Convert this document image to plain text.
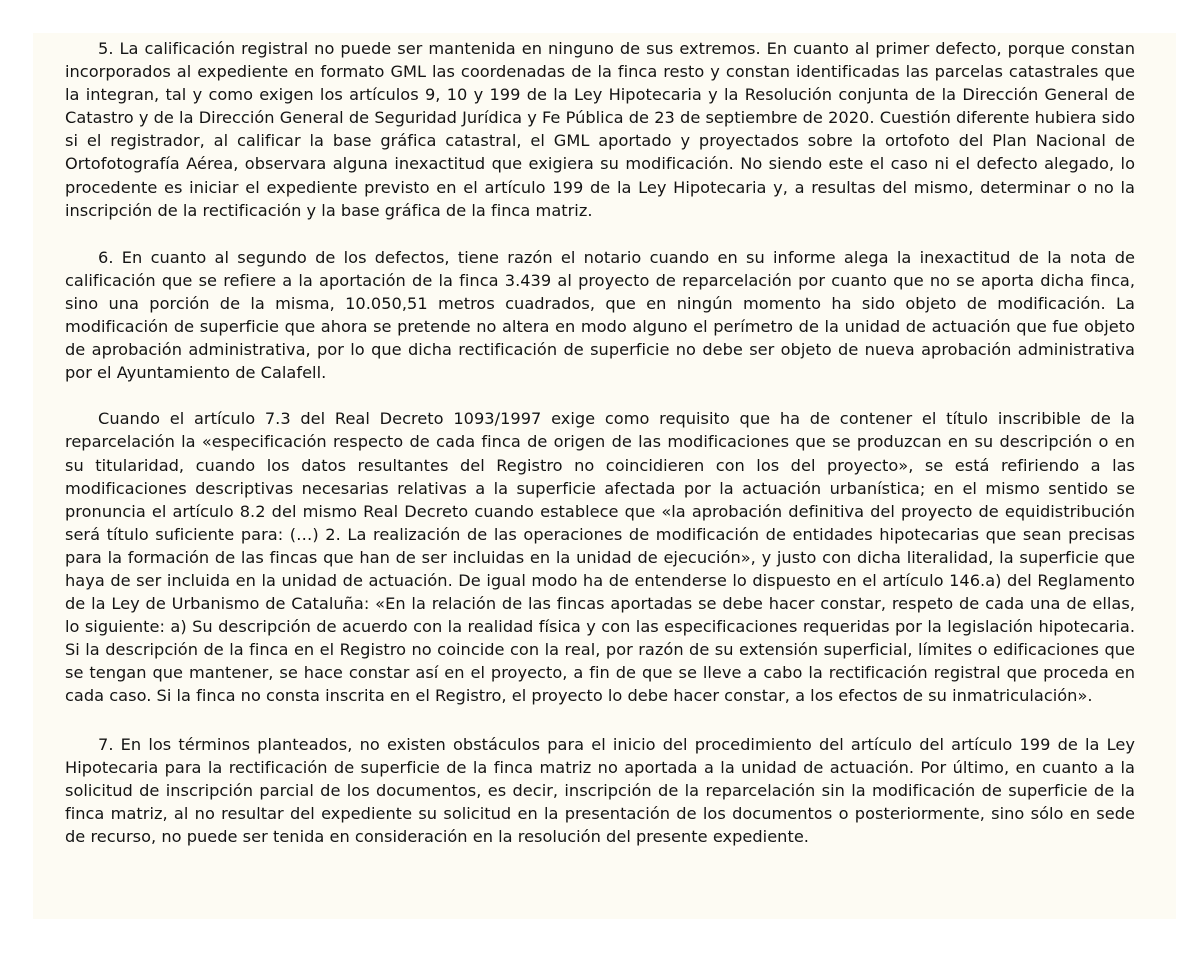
5. La calificación registral no puede ser mantenida en ninguno de sus extremos. En cuanto al primer defecto, porque constan incorporados al expediente en formato GML las coordenadas de la finca resto y constan identificadas las parcelas catastrales que la integran, tal y como exigen los artículos 9, 10 y 199 de la Ley Hipotecaria y la Resolución conjunta de la Dirección General de Catastro y de la Dirección General de Seguridad Jurídica y Fe Pública de 23 de septiembre de 2020. Cuestión diferente hubiera sido si el registrador, al calificar la base gráfica catastral, el GML aportado y proyectados sobre la ortofoto del Plan Nacional de Ortofotografía Aérea, observara alguna inexactitud que exigiera su modificación. No siendo este el caso ni el defecto alegado, lo procedente es iniciar el expediente previsto en el artículo 199 de la Ley Hipotecaria y, a resultas del mismo, determinar o no la inscripción de la rectificación y la base gráfica de la finca matriz.

6. En cuanto al segundo de los defectos, tiene razón el notario cuando en su informe alega la inexactitud de la nota de calificación que se refiere a la aportación de la finca 3.439 al proyecto de reparcelación por cuanto que no se aporta dicha finca, sino una porción de la misma, 10.050,51 metros cuadrados, que en ningún momento ha sido objeto de modificación. La modificación de superficie que ahora se pretende no altera en modo alguno el perímetro de la unidad de actuación que fue objeto de aprobación administrativa, por lo que dicha rectificación de superficie no debe ser objeto de nueva aprobación administrativa por el Ayuntamiento de Calafell.

Cuando el artículo 7.3 del Real Decreto 1093/1997 exige como requisito que ha de contener el título inscribible de la reparcelación la «especificación respecto de cada finca de origen de las modificaciones que se produzcan en su descripción o en su titularidad, cuando los datos resultantes del Registro no coincidieren con los del proyecto», se está refiriendo a las modificaciones descriptivas necesarias relativas a la superficie afectada por la actuación urbanística; en el mismo sentido se pronuncia el artículo 8.2 del mismo Real Decreto cuando establece que «la aprobación definitiva del proyecto de equidistribución será título suficiente para: (…) 2. La realización de las operaciones de modificación de entidades hipotecarias que sean precisas para la formación de las fincas que han de ser incluidas en la unidad de ejecución», y justo con dicha literalidad, la superficie que haya de ser incluida en la unidad de actuación. De igual modo ha de entenderse lo dispuesto en el artículo 146.a) del Reglamento de la Ley de Urbanismo de Cataluña: «En la relación de las fincas aportadas se debe hacer constar, respeto de cada una de ellas, lo siguiente: a) Su descripción de acuerdo con la realidad física y con las especificaciones requeridas por la legislación hipotecaria. Si la descripción de la finca en el Registro no coincide con la real, por razón de su extensión superficial, límites o edificaciones que se tengan que mantener, se hace constar así en el proyecto, a fin de que se lleve a cabo la rectificación registral que proceda en cada caso. Si la finca no consta inscrita en el Registro, el proyecto lo debe hacer constar, a los efectos de su inmatriculación».

7. En los términos planteados, no existen obstáculos para el inicio del procedimiento del artículo del artículo 199 de la Ley Hipotecaria para la rectificación de superficie de la finca matriz no aportada a la unidad de actuación. Por último, en cuanto a la solicitud de inscripción parcial de los documentos, es decir, inscripción de la reparcelación sin la modificación de superficie de la finca matriz, al no resultar del expediente su solicitud en la presentación de los documentos o posteriormente, sino sólo en sede de recurso, no puede ser tenida en consideración en la resolución del presente expediente.
